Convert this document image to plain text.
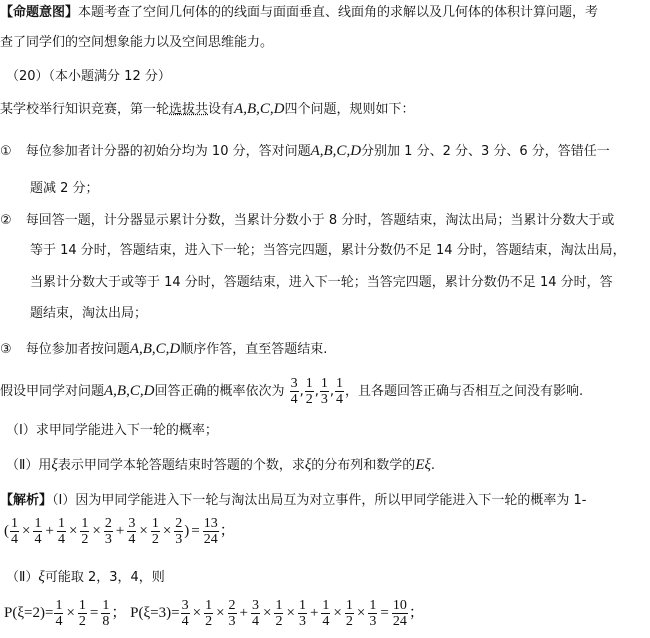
【命题意图】本题考查了空间几何体的的线面与面面垂直、线面角的求解以及几何体的体积计算问题，考
查了同学们的空间想象能力以及空间思维能力。
（20）（本小题满分 12 分）
某学校举行知识竞赛，第一轮选拔共设有A,B,C,D四个问题，规则如下：
① 每位参加者计分器的初始分均为 10 分，答对问题A,B,C,D分别加 1 分、2 分、3 分、6 分，答错任一
题减 2 分；
② 每回答一题，计分器显示累计分数，当累计分数小于 8 分时，答题结束，淘汰出局；当累计分数大于或
等于 14 分时，答题结束，进入下一轮；当答完四题，累计分数仍不足 14 分时，答题结束，淘汰出局，
当累计分数大于或等于 14 分时，答题结束，进入下一轮；当答完四题，累计分数仍不足 14 分时，答
题结束，淘汰出局；
③ 每位参加者按问题A,B,C,D顺序作答，直至答题结束.
假设甲同学对问题A,B,C,D回答正确的概率依次为 $\frac{3}{4}$ , $\frac{1}{2}$ , $\frac{1}{3}$ , $\frac{1}{4}$ ，且各题回答正确与否相互之间没有影响.
（Ⅰ）求甲同学能进入下一轮的概率；
（Ⅱ）用ξ表示甲同学本轮答题结束时答题的个数，求ξ的分布列和数学的Eξ.
【解析】（Ⅰ）因为甲同学能进入下一轮与淘汰出局互为对立事件，所以甲同学能进入下一轮的概率为 1-
( $\frac{1}{4} \times \frac{1}{4} + \frac{1}{4} \times \frac{1}{2} \times \frac{2}{3} + \frac{3}{4} \times \frac{1}{2} \times \frac{2}{3}$ ) = $\frac{13}{24}$ ；
（Ⅱ）ξ可能取 2，3，4，则
$P(\xi=2)= \frac{1}{4} \times \frac{1}{2} = \frac{1}{8}$ ； $P(\xi=3)= \frac{3}{4} \times \frac{1}{2} \times \frac{2}{3} + \frac{3}{4} \times \frac{1}{2} \times \frac{1}{3} + \frac{1}{4} \times \frac{1}{2} \times \frac{1}{3} = \frac{10}{24}$ ；
